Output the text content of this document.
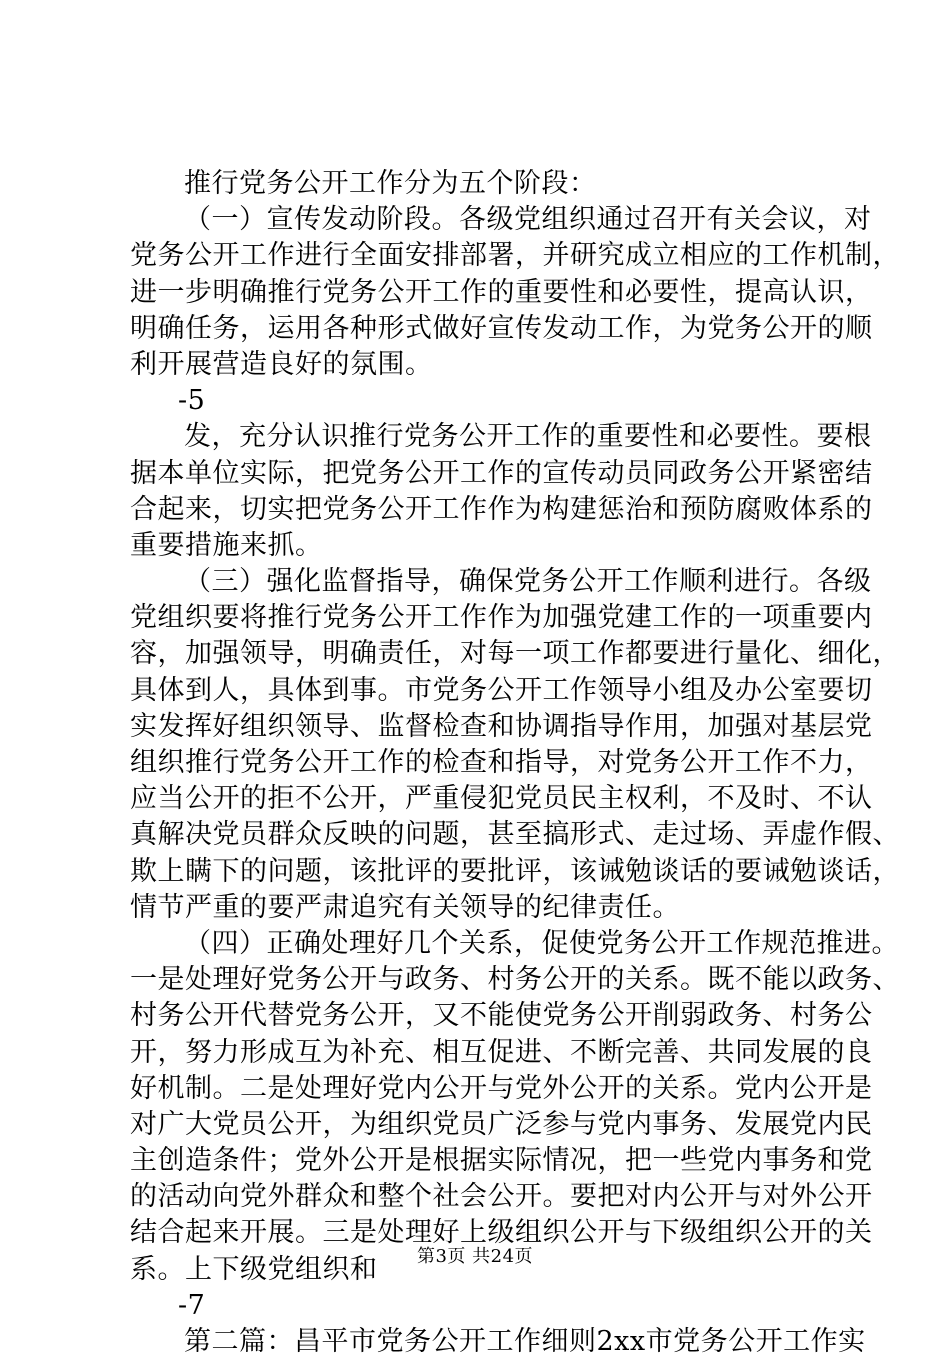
推行党务公开工作分为五个阶段：
（一）宣传发动阶段。各级党组织通过召开有关会议，对
党务公开工作进行全面安排部署，并研究成立相应的工作机制，
进一步明确推行党务公开工作的重要性和必要性，提高认识，
明确任务，运用各种形式做好宣传发动工作，为党务公开的顺
利开展营造良好的氛围。
-5
发，充分认识推行党务公开工作的重要性和必要性。要根
据本单位实际，把党务公开工作的宣传动员同政务公开紧密结
合起来，切实把党务公开工作作为构建惩治和预防腐败体系的
重要措施来抓。
（三）强化监督指导，确保党务公开工作顺利进行。各级
党组织要将推行党务公开工作作为加强党建工作的一项重要内
容，加强领导，明确责任，对每一项工作都要进行量化、细化，
具体到人，具体到事。市党务公开工作领导小组及办公室要切
实发挥好组织领导、监督检查和协调指导作用，加强对基层党
组织推行党务公开工作的检查和指导，对党务公开工作不力，
应当公开的拒不公开，严重侵犯党员民主权利，不及时、不认
真解决党员群众反映的问题，甚至搞形式、走过场、弄虚作假、
欺上瞒下的问题，该批评的要批评，该诫勉谈话的要诫勉谈话，
情节严重的要严肃追究有关领导的纪律责任。
（四）正确处理好几个关系，促使党务公开工作规范推进。
一是处理好党务公开与政务、村务公开的关系。既不能以政务、
村务公开代替党务公开，又不能使党务公开削弱政务、村务公
开，努力形成互为补充、相互促进、不断完善、共同发展的良
好机制。二是处理好党内公开与党外公开的关系。党内公开是
对广大党员公开，为组织党员广泛参与党内事务、发展党内民
主创造条件；党外公开是根据实际情况，把一些党内事务和党
的活动向党外群众和整个社会公开。要把对内公开与对外公开
结合起来开展。三是处理好上级组织公开与下级组织公开的关
系。上下级党组织和
-7
第二篇：昌平市党务公开工作细则2xx市党务公开工作实
第3页 共24页
